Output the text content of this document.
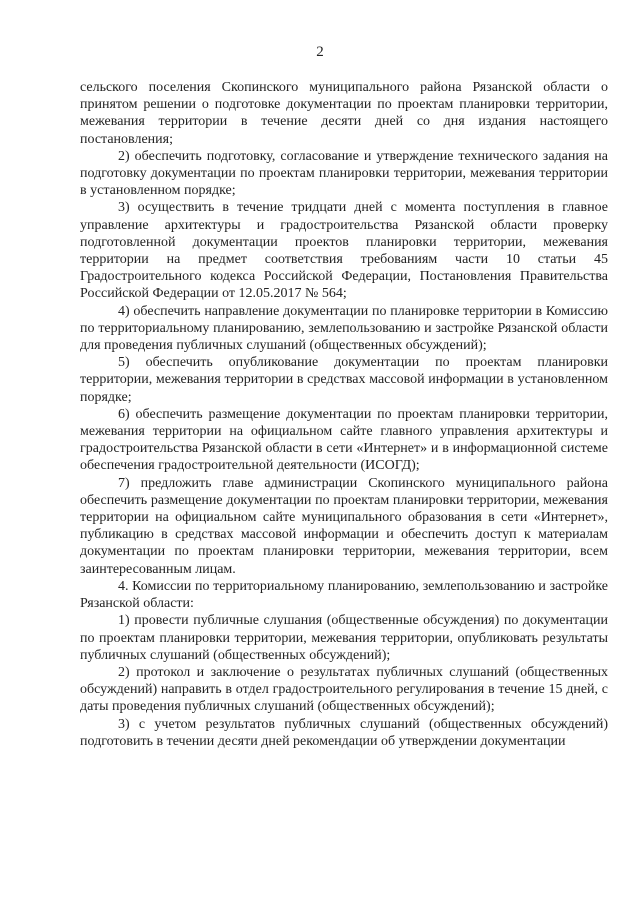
2

сельского поселения Скопинского муниципального района Рязанской области о принятом решении о подготовке документации по проектам планировки территории, межевания территории в течение десяти дней со дня издания настоящего постановления;

2) обеспечить подготовку, согласование и утверждение технического задания на подготовку документации по проектам планировки территории, межевания территории в установленном порядке;

3) осуществить в течение тридцати дней с момента поступления в главное управление архитектуры и градостроительства Рязанской области проверку подготовленной документации проектов планировки территории, межевания территории на предмет соответствия требованиям части 10 статьи 45 Градостроительного кодекса Российской Федерации, Постановления Правительства Российской Федерации от 12.05.2017 № 564;

4) обеспечить направление документации по планировке территории в Комиссию по территориальному планированию, землепользованию и застройке Рязанской области для проведения публичных слушаний (общественных обсуждений);

5) обеспечить опубликование документации по проектам планировки территории, межевания территории в средствах массовой информации в установленном порядке;

6) обеспечить размещение документации по проектам планировки территории, межевания территории на официальном сайте главного управления архитектуры и градостроительства Рязанской области в сети «Интернет» и в информационной системе обеспечения градостроительной деятельности (ИСОГД);

7) предложить главе администрации Скопинского муниципального района обеспечить размещение документации по проектам планировки территории, межевания территории на официальном сайте муниципального образования в сети «Интернет», публикацию в средствах массовой информации и обеспечить доступ к материалам документации по проектам планировки территории, межевания территории, всем заинтересованным лицам.

4. Комиссии по территориальному планированию, землепользованию и застройке Рязанской области:

1) провести публичные слушания (общественные обсуждения) по документации по проектам планировки территории, межевания территории, опубликовать результаты публичных слушаний (общественных обсуждений);

2) протокол и заключение о результатах публичных слушаний (общественных обсуждений) направить в отдел градостроительного регулирования в течение 15 дней, с даты проведения публичных слушаний (общественных обсуждений);

3) с учетом результатов публичных слушаний (общественных обсуждений) подготовить в течении десяти дней рекомендации об утверждении документации
